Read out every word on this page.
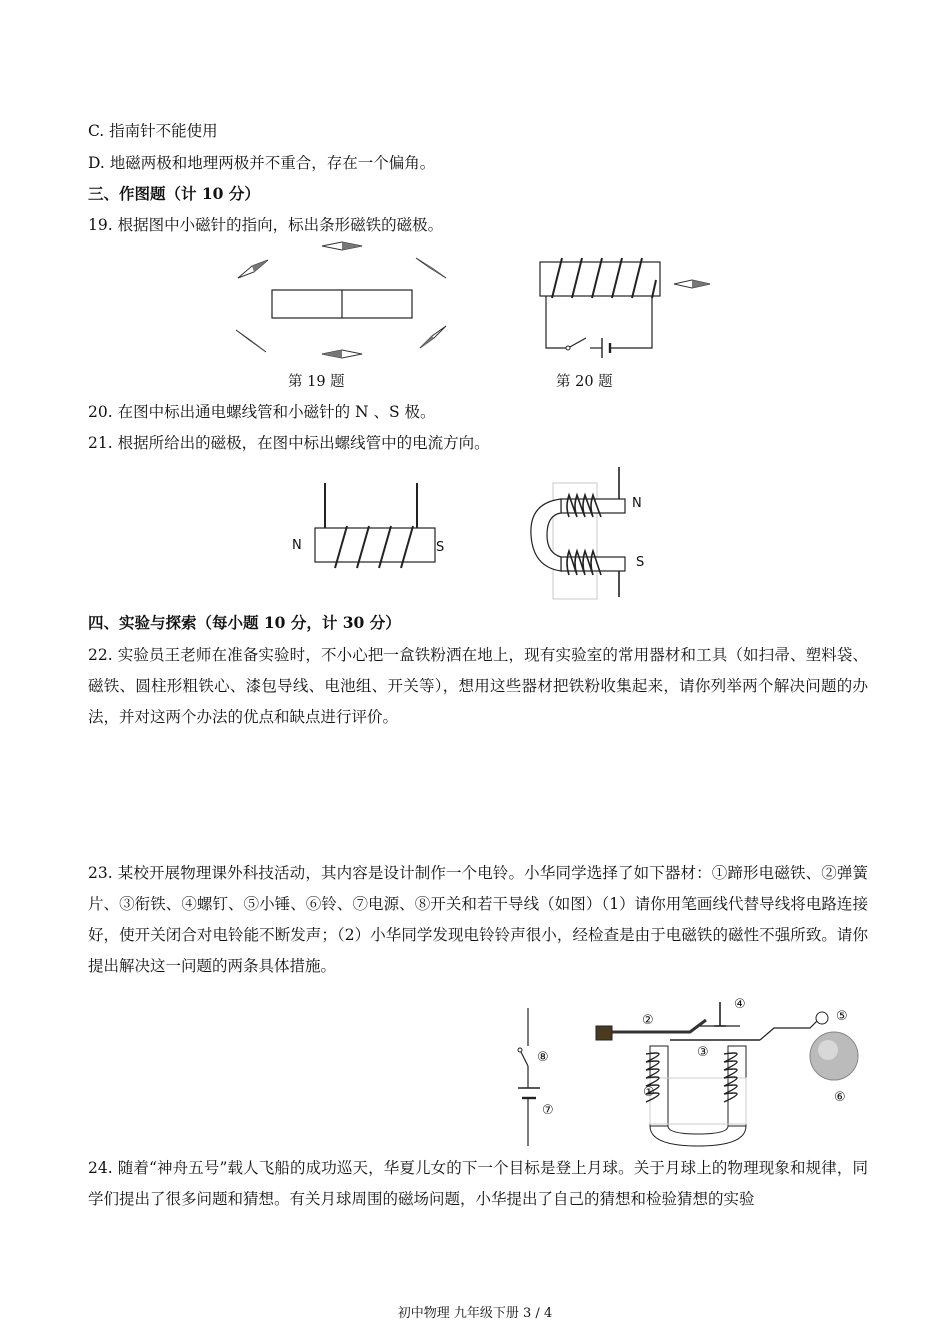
C. 指南针不能使用
D. 地磁两极和地理两极并不重合，存在一个偏角。
三、作图题（计 10 分）
19. 根据图中小磁针的指向，标出条形磁铁的磁极。
第 19 题	第 20 题
20. 在图中标出通电螺线管和小磁针的 N 、S 极。
21. 根据所给出的磁极，在图中标出螺线管中的电流方向。
N	S
N
S
四、实验与探索（每小题 10 分，计 30 分）
22. 实验员王老师在准备实验时，不小心把一盒铁粉洒在地上，现有实验室的常用器材和工具（如扫帚、塑料袋、磁铁、圆柱形粗铁心、漆包导线、电池组、开关等），想用这些器材把铁粉收集起来，请你列举两个解决问题的办法，并对这两个办法的优点和缺点进行评价。
23. 某校开展物理课外科技活动，其内容是设计制作一个电铃。小华同学选择了如下器材：①蹄形电磁铁、②弹簧片、③衔铁、④螺钉、⑤小锤、⑥铃、⑦电源、⑧开关和若干导线（如图）（1）请你用笔画线代替导线将电路连接好，使开关闭合对电铃能不断发声；（2）小华同学发现电铃铃声很小，经检查是由于电磁铁的磁性不强所致。请你提出解决这一问题的两条具体措施。
②
④
⑤
③
⑧
①	⑥
⑦
24. 随着“神舟五号”载人飞船的成功巡天，华夏儿女的下一个目标是登上月球。关于月球上的物理现象和规律，同学们提出了很多问题和猜想。有关月球周围的磁场问题，小华提出了自己的猜想和检验猜想的实验
初中物理 九年级下册 3 / 4
